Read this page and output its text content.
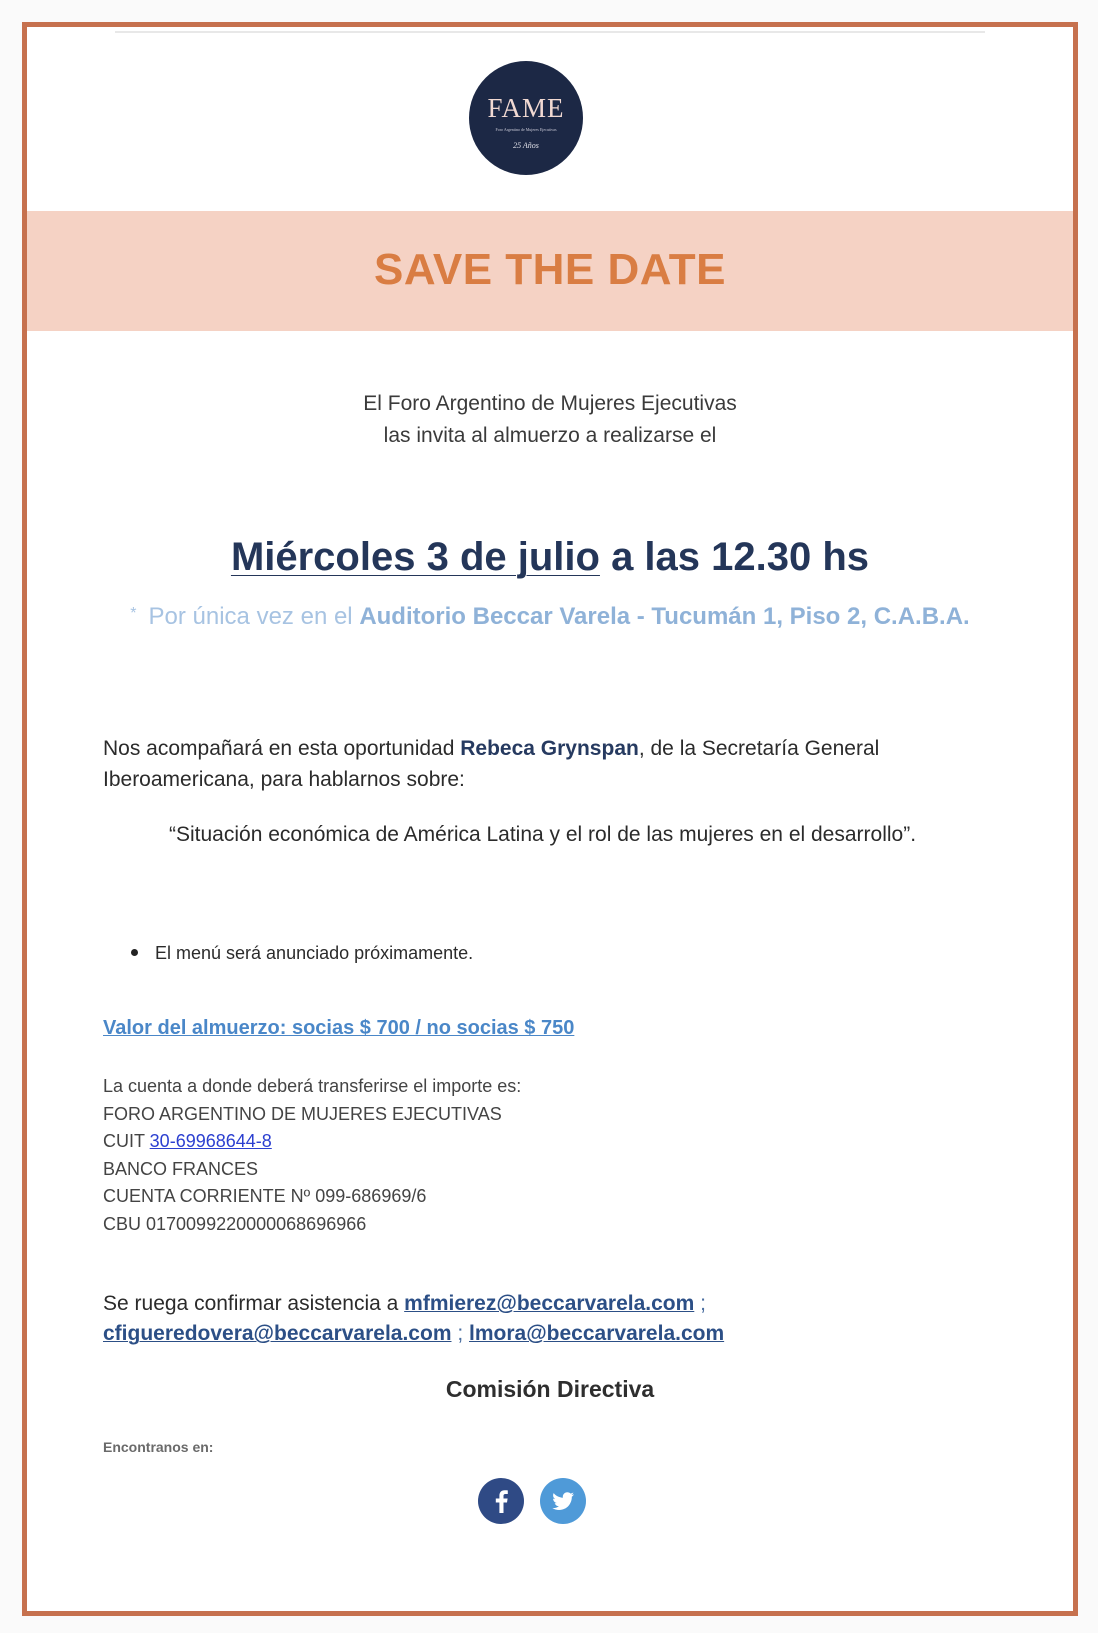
FAME
Foro Argentino de Mujeres Ejecutivas
25 Años
SAVE THE DATE
El Foro Argentino de Mujeres Ejecutivas
las invita al almuerzo a realizarse el
Miércoles 3 de julio a las 12.30 hs
* Por única vez en el Auditorio Beccar Varela - Tucumán 1, Piso 2, C.A.B.A.
Nos acompañará en esta oportunidad Rebeca Grynspan, de la Secretaría General Iberoamericana, para hablarnos sobre:
“Situación económica de América Latina y el rol de las mujeres en el desarrollo”.
El menú será anunciado próximamente.
Valor del almuerzo: socias $ 700 / no socias $ 750
La cuenta a donde deberá transferirse el importe es:
FORO ARGENTINO DE MUJERES EJECUTIVAS
CUIT 30-69968644-8
BANCO FRANCES
CUENTA CORRIENTE Nº 099-686969/6
CBU 0170099220000068696966
Se ruega confirmar asistencia a mfmierez@beccarvarela.com ;
cfigueredovera@beccarvarela.com ; lmora@beccarvarela.com
Comisión Directiva
Encontranos en:
